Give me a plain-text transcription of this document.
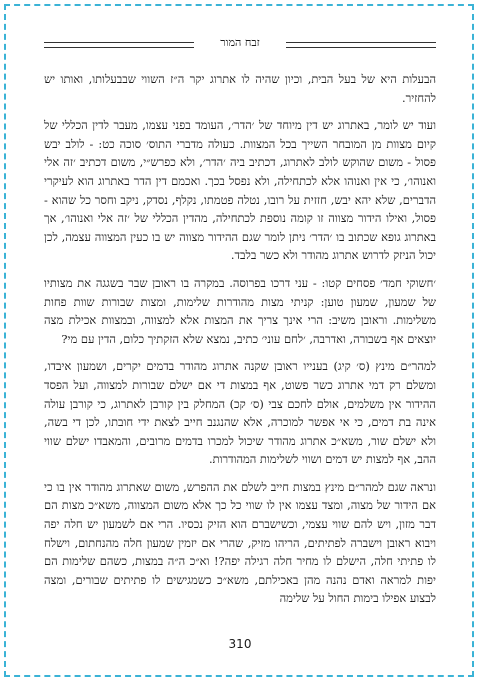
זבח המור

הבעלות היא של בעל הבית, וכיון שהיה לו אתרוג יקר ה״ז השווי שבבעלותו, ואותו יש להחזיר.

ועוד יש לומר, באתרוג יש דין מיוחד של ׳הדר׳, העומד בפני עצמו, מעבר לדין הכללי של קיום מצוות מן המובחר השייך בכל המצוות. כעולה מדברי התוס׳ סוכה כט: - לולב יבש פסול - משום שהוקש לולב לאתרוג, דכתיב ביה ׳הדר׳, ולא כפרש״י, משום דכתיב ׳זה אלי ואנוהו׳, כי אין ואנוהו אלא לכתחילה, ולא נפסל בכך. ואכמם דין הדר באתרוג הוא לעיקרי הדברים, שלא יהא יבש, חזזית על רובו, נטלה פטמתו, נקלף, נסדק, ניקב וחסר כל שהוא - פסול, ואילו הידור מצווה זו קומה נוספת לכתחילה, מהדין הכללי של ׳זה אלי ואנוהו׳, אך באתרוג גופא שכתוב בו ׳הדר׳ ניתן לומר שגם ההידור מצווה יש בו כעין המצווה עצמה, לכן יכול הניזק לדרוש אתרוג מהודר ולא כשר בלבד.

׳חשוקי חמד׳ פסחים קטו: - עני דרכו בפרוסה. במקרה בו ראובן שבר בשגגה את מצותיו של שמעון, שמעון טוען: קניתי מצות מהודרות שלימות, ומצות שבורות שוות פחות משלימות. וראובן משיב: הרי אינך צריך את המצות אלא למצווה, ובמצוות אכילת מצה יוצאים אף בשבורה, ואדרבה, ׳לחם עוני׳ כתיב, נמצא שלא הזקתיך כלום, הדין עם מי?

למהר״ם מינץ (ס׳ קיג) בענייו ראובן שקנה אתרוג מהודר בדמים יקרים, ושמעון איבדו, ומשלם רק דמי אתרוג כשר פשוט, אף במצות די אם ישלם שבורות למצווה, ועל הפסד ההידור אין משלמים, אולם לחכם צבי (ס׳ קכ) המחלק בין קורבן לאתרוג, כי קורבן עולה אינה בת דמים, כי אי אפשר למוכרה, אלא שהנגנב חייב לצאת ידי חובתו, לכן די בשה, ולא ישלם שור, משא״כ אתרוג מהודר שיכול למכרו בדמים מרובים, והמאבדו ישלם שווי ההב, אף למצות יש דמים ושווי לשלימות המהודרות.

ונראה שגם למהר״ם מינץ במצות חייב לשלם את ההפרש, משום שאתרוג מהודר אין בו כי אם הידור של מצוה, ומצד עצמו אין לו שווי כל כך אלא משום המצווה, משא״כ מצות הם דבר מזון, ויש להם שווי עצמי, וכשישברם הוא הזיק נכסיו. הרי אם לשמעון יש חלה יפה ויבוא ראובן וישברה לפתיתים, הריהו מזיק, שהרי אם יזמין שמעון חלה מהנחתום, וישלח לו פתיתי חלה, הישלם לו מחיר חלה רגילה יפה?! וא״כ ה״ה במצות, כשהם שלימות הם יפות למראה ואדם נהנה מהן באכילתם, משא״כ כשמגישים לו פתיתים שבורים, ומצה לבצוע אפילו בימות החול על שלימה

310
